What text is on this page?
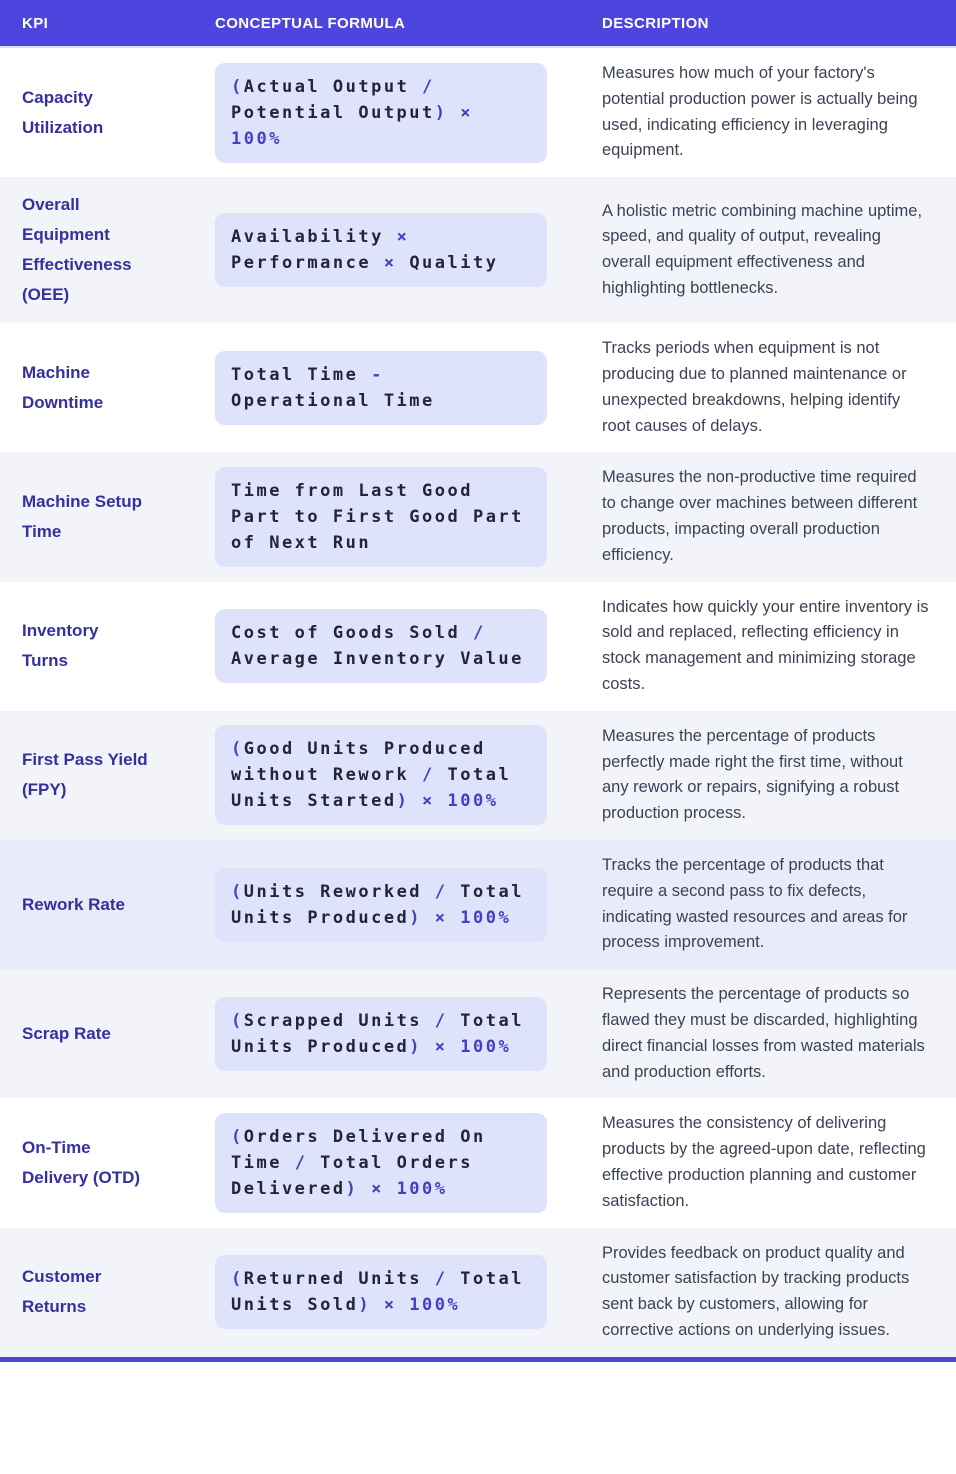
KPI	CONCEPTUAL FORMULA	DESCRIPTION
Capacity
Utilization
(Actual Output /
Potential Output) × 100%
Measures how much of your factory's potential production power is actually being used, indicating efficiency in leveraging equipment.
Overall
Equipment
Effectiveness
(OEE)
Availability ×
Performance × Quality
A holistic metric combining machine uptime, speed, and quality of output, revealing overall equipment effectiveness and highlighting bottlenecks.
Machine
Downtime
Total Time -
Operational Time
Tracks periods when equipment is not producing due to planned maintenance or unexpected breakdowns, helping identify root causes of delays.
Machine Setup
Time
Time from Last Good
Part to First Good Part
of Next Run
Measures the non-productive time required to change over machines between different products, impacting overall production efficiency.
Inventory
Turns
Cost of Goods Sold /
Average Inventory Value
Indicates how quickly your entire inventory is sold and replaced, reflecting efficiency in stock management and minimizing storage costs.
First Pass Yield
(FPY)
(Good Units Produced
without Rework / Total
Units Started) × 100%
Measures the percentage of products perfectly made right the first time, without any rework or repairs, signifying a robust production process.
Rework Rate
(Units Reworked / Total
Units Produced) × 100%
Tracks the percentage of products that require a second pass to fix defects, indicating wasted resources and areas for process improvement.
Scrap Rate
(Scrapped Units / Total
Units Produced) × 100%
Represents the percentage of products so flawed they must be discarded, highlighting direct financial losses from wasted materials and production efforts.
On-Time
Delivery (OTD)
(Orders Delivered On
Time / Total Orders
Delivered) × 100%
Measures the consistency of delivering products by the agreed-upon date, reflecting effective production planning and customer satisfaction.
Customer
Returns
(Returned Units / Total
Units Sold) × 100%
Provides feedback on product quality and customer satisfaction by tracking products sent back by customers, allowing for corrective actions on underlying issues.
